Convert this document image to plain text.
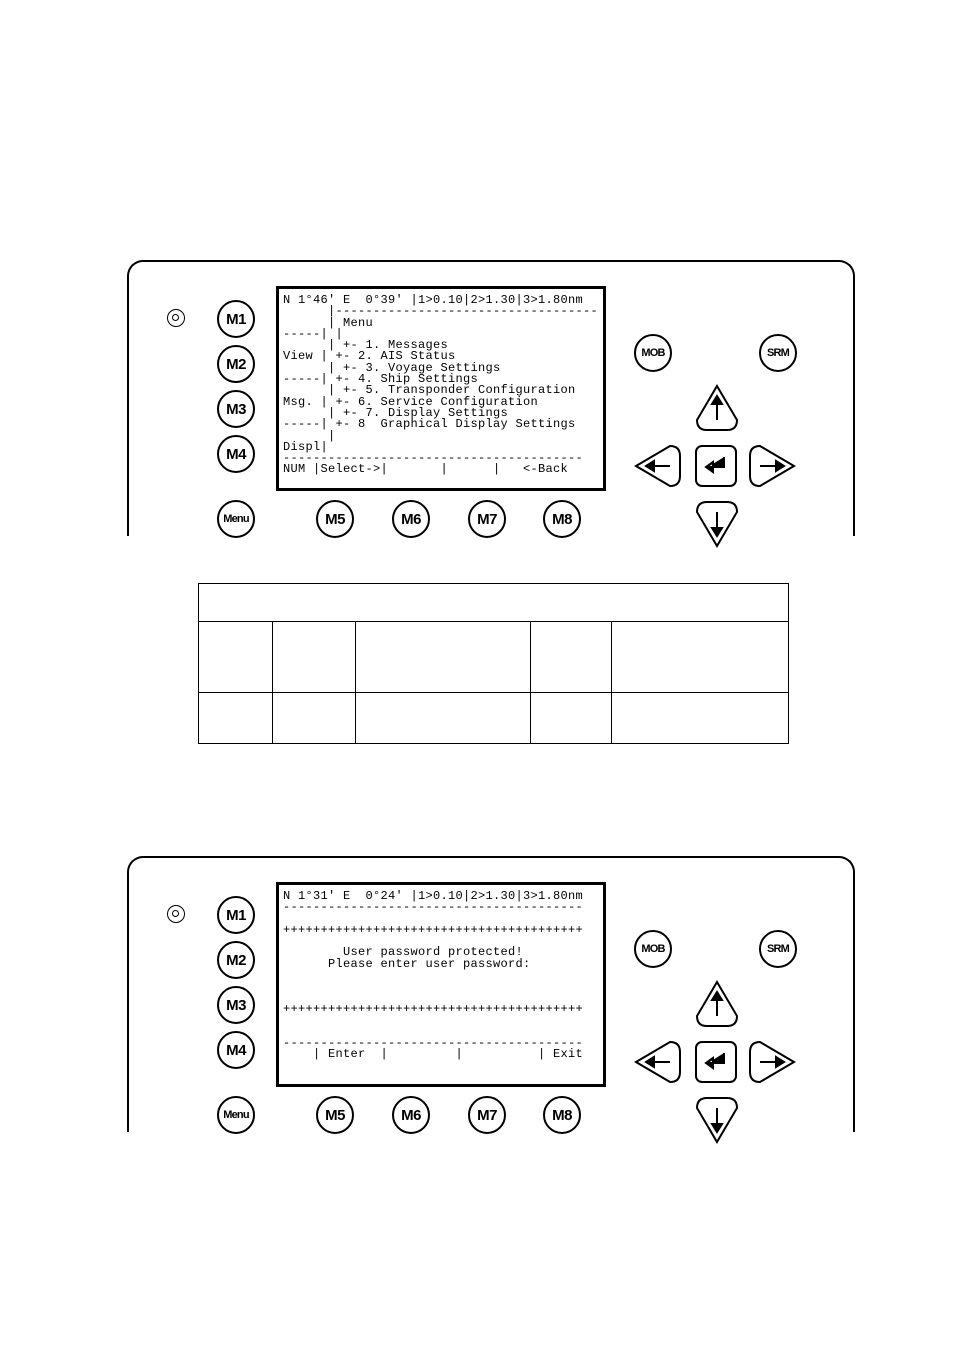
M1
M2
M3
M4
N 1°46' E  0°39' |1>0.10|2>1.30|3>1.80nm
|-----------------------------------
| Menu
-----| |
| +- 1. Messages
View | +- 2. AIS Status
| +- 3. Voyage Settings
-----| +- 4. Ship Settings
| +- 5. Transponder Configuration
Msg. | +- 6. Service Configuration
| +- 7. Display Settings
-----| +- 8  Graphical Display Settings
|
Displ|
----------------------------------------
NUM |Select->|       |      |   <-Back
Menu	M5	M6	M7	M8
MOB	SRM

M1
M2
M3
M4
N 1°31' E  0°24' |1>0.10|2>1.30|3>1.80nm
----------------------------------------

++++++++++++++++++++++++++++++++++++++++

User password protected!
Please enter user password:

++++++++++++++++++++++++++++++++++++++++

----------------------------------------
| Enter  |         |          | Exit
Menu	M5	M6	M7	M8
MOB	SRM
